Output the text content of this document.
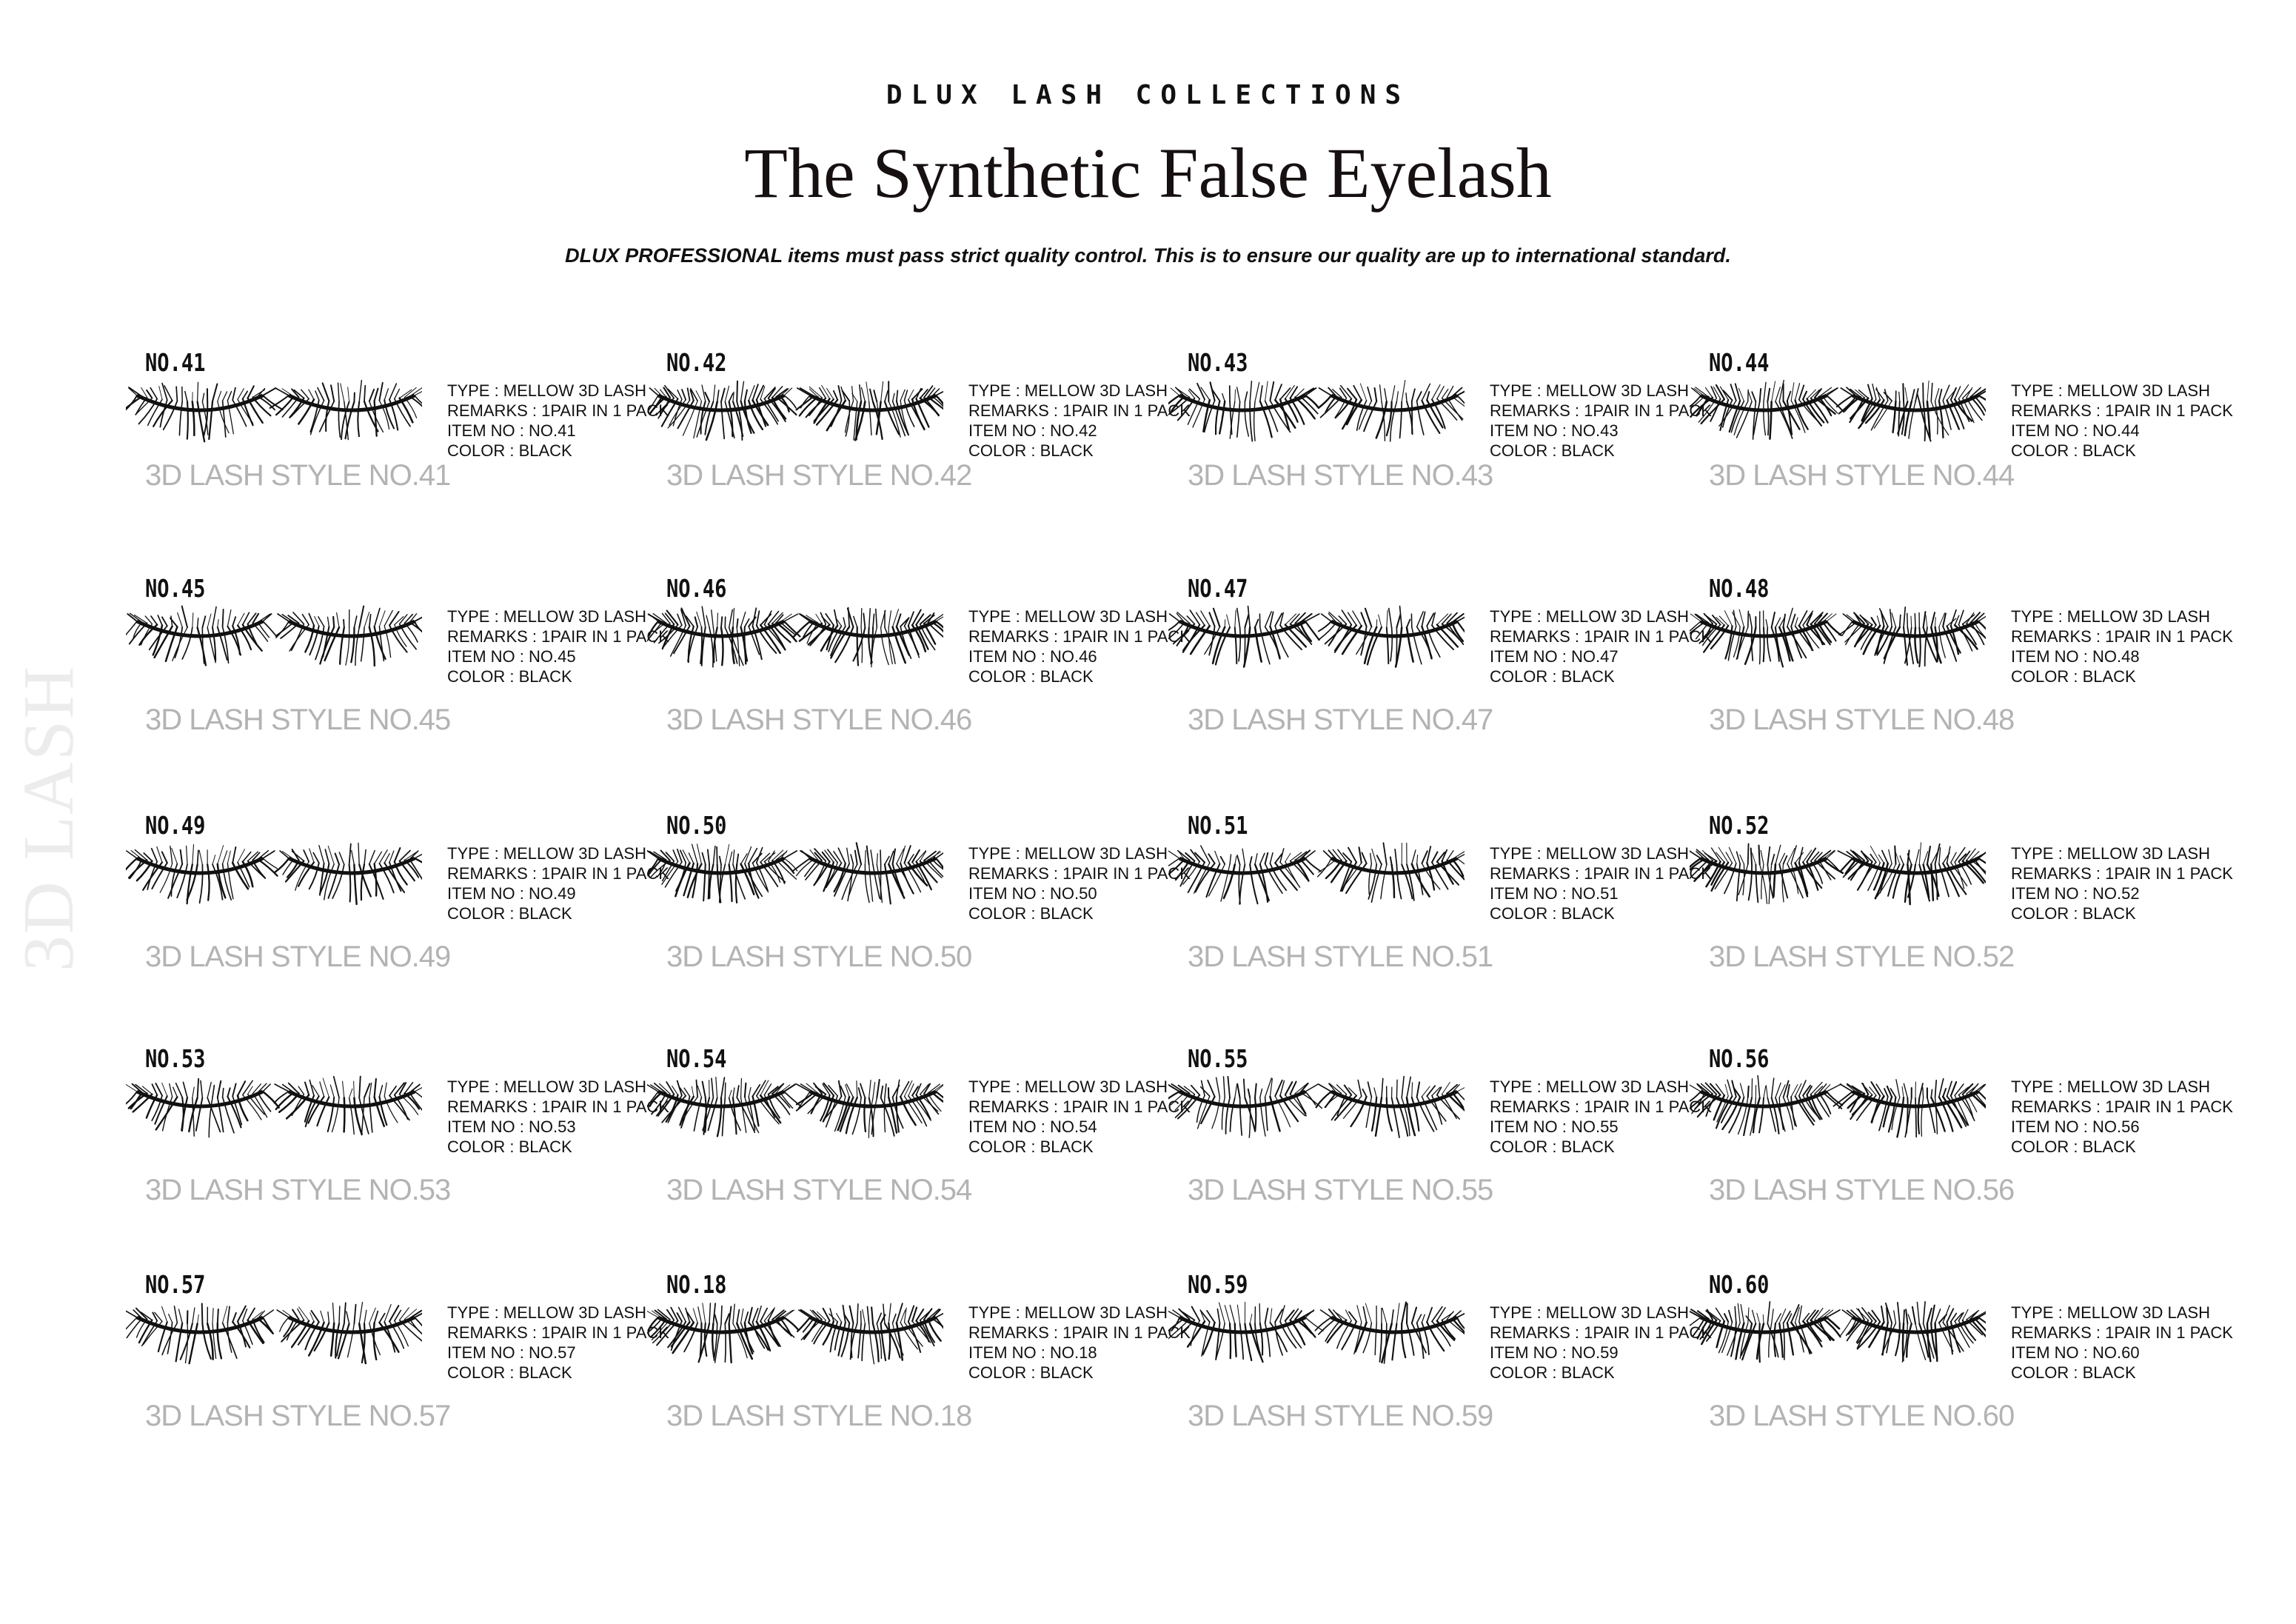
DLUX LASH COLLECTIONS
The Synthetic False Eyelash
DLUX PROFESSIONAL items must pass strict quality control. This is to ensure our quality are up to international standard.
3D LASH
NO.41
TYPE : MELLOW 3D LASH
REMARKS : 1PAIR IN 1 PACK
ITEM NO : NO.41
COLOR : BLACK
3D LASH STYLE NO.41
NO.42
TYPE : MELLOW 3D LASH
REMARKS : 1PAIR IN 1 PACK
ITEM NO : NO.42
COLOR : BLACK
3D LASH STYLE NO.42
NO.43
TYPE : MELLOW 3D LASH
REMARKS : 1PAIR IN 1 PACK
ITEM NO : NO.43
COLOR : BLACK
3D LASH STYLE NO.43
NO.44
TYPE : MELLOW 3D LASH
REMARKS : 1PAIR IN 1 PACK
ITEM NO : NO.44
COLOR : BLACK
3D LASH STYLE NO.44
NO.45
TYPE : MELLOW 3D LASH
REMARKS : 1PAIR IN 1 PACK
ITEM NO : NO.45
COLOR : BLACK
3D LASH STYLE NO.45
NO.46
TYPE : MELLOW 3D LASH
REMARKS : 1PAIR IN 1 PACK
ITEM NO : NO.46
COLOR : BLACK
3D LASH STYLE NO.46
NO.47
TYPE : MELLOW 3D LASH
REMARKS : 1PAIR IN 1 PACK
ITEM NO : NO.47
COLOR : BLACK
3D LASH STYLE NO.47
NO.48
TYPE : MELLOW 3D LASH
REMARKS : 1PAIR IN 1 PACK
ITEM NO : NO.48
COLOR : BLACK
3D LASH STYLE NO.48
NO.49
TYPE : MELLOW 3D LASH
REMARKS : 1PAIR IN 1 PACK
ITEM NO : NO.49
COLOR : BLACK
3D LASH STYLE NO.49
NO.50
TYPE : MELLOW 3D LASH
REMARKS : 1PAIR IN 1 PACK
ITEM NO : NO.50
COLOR : BLACK
3D LASH STYLE NO.50
NO.51
TYPE : MELLOW 3D LASH
REMARKS : 1PAIR IN 1 PACK
ITEM NO : NO.51
COLOR : BLACK
3D LASH STYLE NO.51
NO.52
TYPE : MELLOW 3D LASH
REMARKS : 1PAIR IN 1 PACK
ITEM NO : NO.52
COLOR : BLACK
3D LASH STYLE NO.52
NO.53
TYPE : MELLOW 3D LASH
REMARKS : 1PAIR IN 1 PACK
ITEM NO : NO.53
COLOR : BLACK
3D LASH STYLE NO.53
NO.54
TYPE : MELLOW 3D LASH
REMARKS : 1PAIR IN 1 PACK
ITEM NO : NO.54
COLOR : BLACK
3D LASH STYLE NO.54
NO.55
TYPE : MELLOW 3D LASH
REMARKS : 1PAIR IN 1 PACK
ITEM NO : NO.55
COLOR : BLACK
3D LASH STYLE NO.55
NO.56
TYPE : MELLOW 3D LASH
REMARKS : 1PAIR IN 1 PACK
ITEM NO : NO.56
COLOR : BLACK
3D LASH STYLE NO.56
NO.57
TYPE : MELLOW 3D LASH
REMARKS : 1PAIR IN 1 PACK
ITEM NO : NO.57
COLOR : BLACK
3D LASH STYLE NO.57
NO.18
TYPE : MELLOW 3D LASH
REMARKS : 1PAIR IN 1 PACK
ITEM NO : NO.18
COLOR : BLACK
3D LASH STYLE NO.18
NO.59
TYPE : MELLOW 3D LASH
REMARKS : 1PAIR IN 1 PACK
ITEM NO : NO.59
COLOR : BLACK
3D LASH STYLE NO.59
NO.60
TYPE : MELLOW 3D LASH
REMARKS : 1PAIR IN 1 PACK
ITEM NO : NO.60
COLOR : BLACK
3D LASH STYLE NO.60
